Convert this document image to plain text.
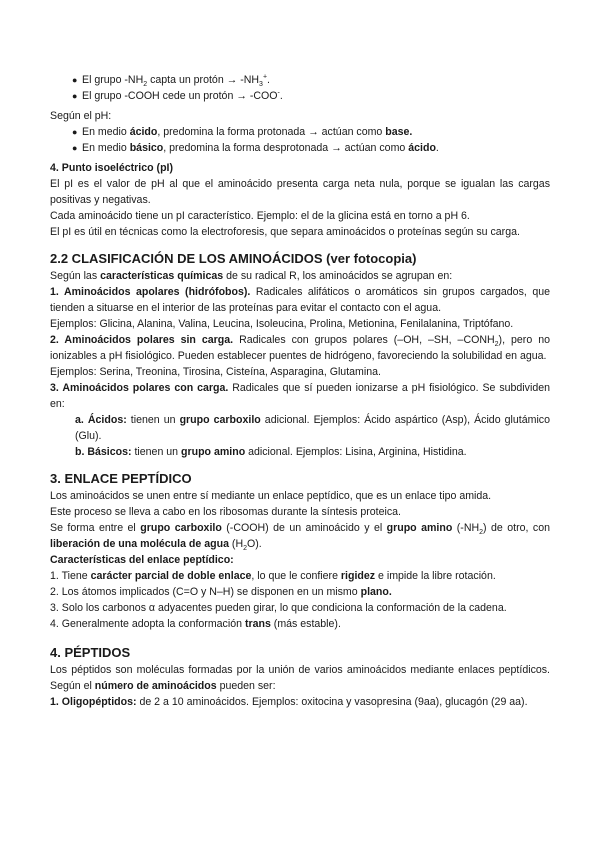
● El grupo $-NH_2$ capta un protón → $-NH_3^+$.
● El grupo -COOH cede un protón → -COO-.

Según el pH:

● En medio ácido, predomina la forma protonada → actúan como base.
● En medio básico, predomina la forma desprotonada → actúan como ácido.

4. Punto isoeléctrico (pI)

El pI es el valor de pH al que el aminoácido presenta carga neta nula, porque se igualan las cargas positivas y negativas.

Cada aminoácido tiene un pI característico. Ejemplo: el de la glicina está en torno a pH 6.

El pI es útil en técnicas como la electroforesis, que separa aminoácidos o proteínas según su carga.

2.2 CLASIFICACIÓN DE LOS AMINOÁCIDOS (ver fotocopia)

Según las características químicas de su radical R, los aminoácidos se agrupan en:

1. Aminoácidos apolares (hidrófobos). Radicales alifáticos o aromáticos sin grupos cargados, que tienden a situarse en el interior de las proteínas para evitar el contacto con el agua.

Ejemplos: Glicina, Alanina, Valina, Leucina, Isoleucina, Prolina, Metionina, Fenilalanina, Triptófano.

2. Aminoácidos polares sin carga. Radicales con grupos polares (–OH, –SH, $-CONH_2$), pero no ionizables a pH fisiológico. Pueden establecer puentes de hidrógeno, favoreciendo la solubilidad en agua.

Ejemplos: Serina, Treonina, Tirosina, Cisteína, Asparagina, Glutamina.

3. Aminoácidos polares con carga. Radicales que sí pueden ionizarse a pH fisiológico. Se subdividen en:

a. Ácidos: tienen un grupo carboxilo adicional. Ejemplos: Ácido aspártico (Asp), Ácido glutámico (Glu).

b. Básicos: tienen un grupo amino adicional. Ejemplos: Lisina, Arginina, Histidina.

3. ENLACE PEPTÍDICO

Los aminoácidos se unen entre sí mediante un enlace peptídico, que es un enlace tipo amida.

Este proceso se lleva a cabo en los ribosomas durante la síntesis proteica.

Se forma entre el grupo carboxilo (-COOH) de un aminoácido y el grupo amino $(-NH_2)$ de otro, con liberación de una molécula de agua $(H_2O)$.

Características del enlace peptídico:

1. Tiene carácter parcial de doble enlace, lo que le confiere rigidez e impide la libre rotación.

2. Los átomos implicados (C=O y N–H) se disponen en un mismo plano.

3. Solo los carbonos α adyacentes pueden girar, lo que condiciona la conformación de la cadena.

4. Generalmente adopta la conformación trans (más estable).

4. PÉPTIDOS

Los péptidos son moléculas formadas por la unión de varios aminoácidos mediante enlaces peptídicos. Según el número de aminoácidos pueden ser:

1. Oligopéptidos: de 2 a 10 aminoácidos. Ejemplos: oxitocina y vasopresina (9aa), glucagón (29 aa).
